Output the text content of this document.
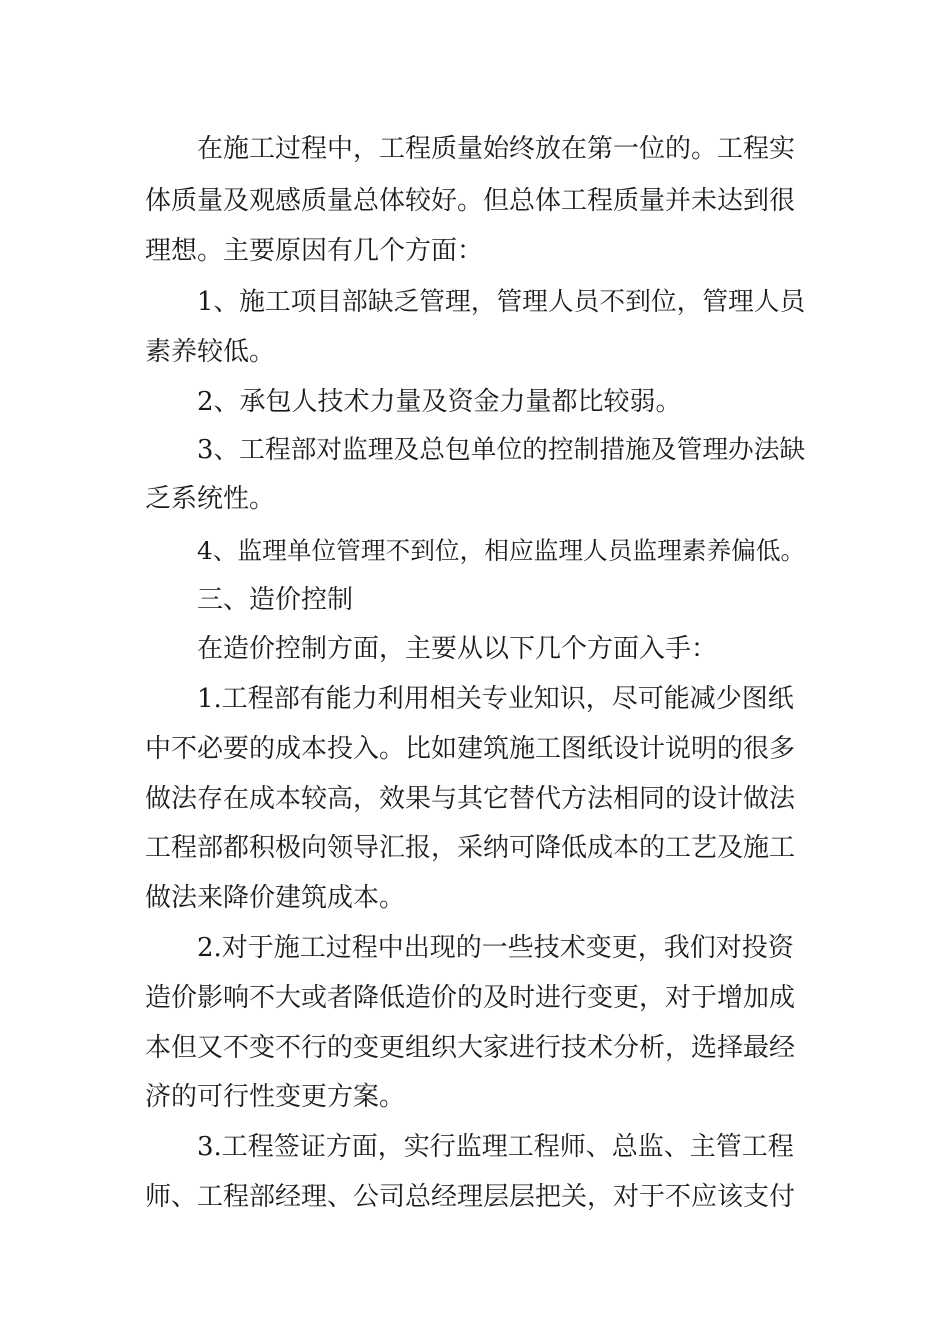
在施工过程中，工程质量始终放在第一位的。工程实
体质量及观感质量总体较好。但总体工程质量并未达到很
理想。主要原因有几个方面：
1、施工项目部缺乏管理，管理人员不到位，管理人员
素养较低。
2、承包人技术力量及资金力量都比较弱。
3、工程部对监理及总包单位的控制措施及管理办法缺
乏系统性。
4、监理单位管理不到位，相应监理人员监理素养偏低。
三、造价控制
在造价控制方面，主要从以下几个方面入手：
1.工程部有能力利用相关专业知识，尽可能减少图纸
中不必要的成本投入。比如建筑施工图纸设计说明的很多
做法存在成本较高，效果与其它替代方法相同的设计做法
工程部都积极向领导汇报，采纳可降低成本的工艺及施工
做法来降价建筑成本。
2.对于施工过程中出现的一些技术变更，我们对投资
造价影响不大或者降低造价的及时进行变更，对于增加成
本但又不变不行的变更组织大家进行技术分析，选择最经
济的可行性变更方案。
3.工程签证方面，实行监理工程师、总监、主管工程
师、工程部经理、公司总经理层层把关，对于不应该支付
